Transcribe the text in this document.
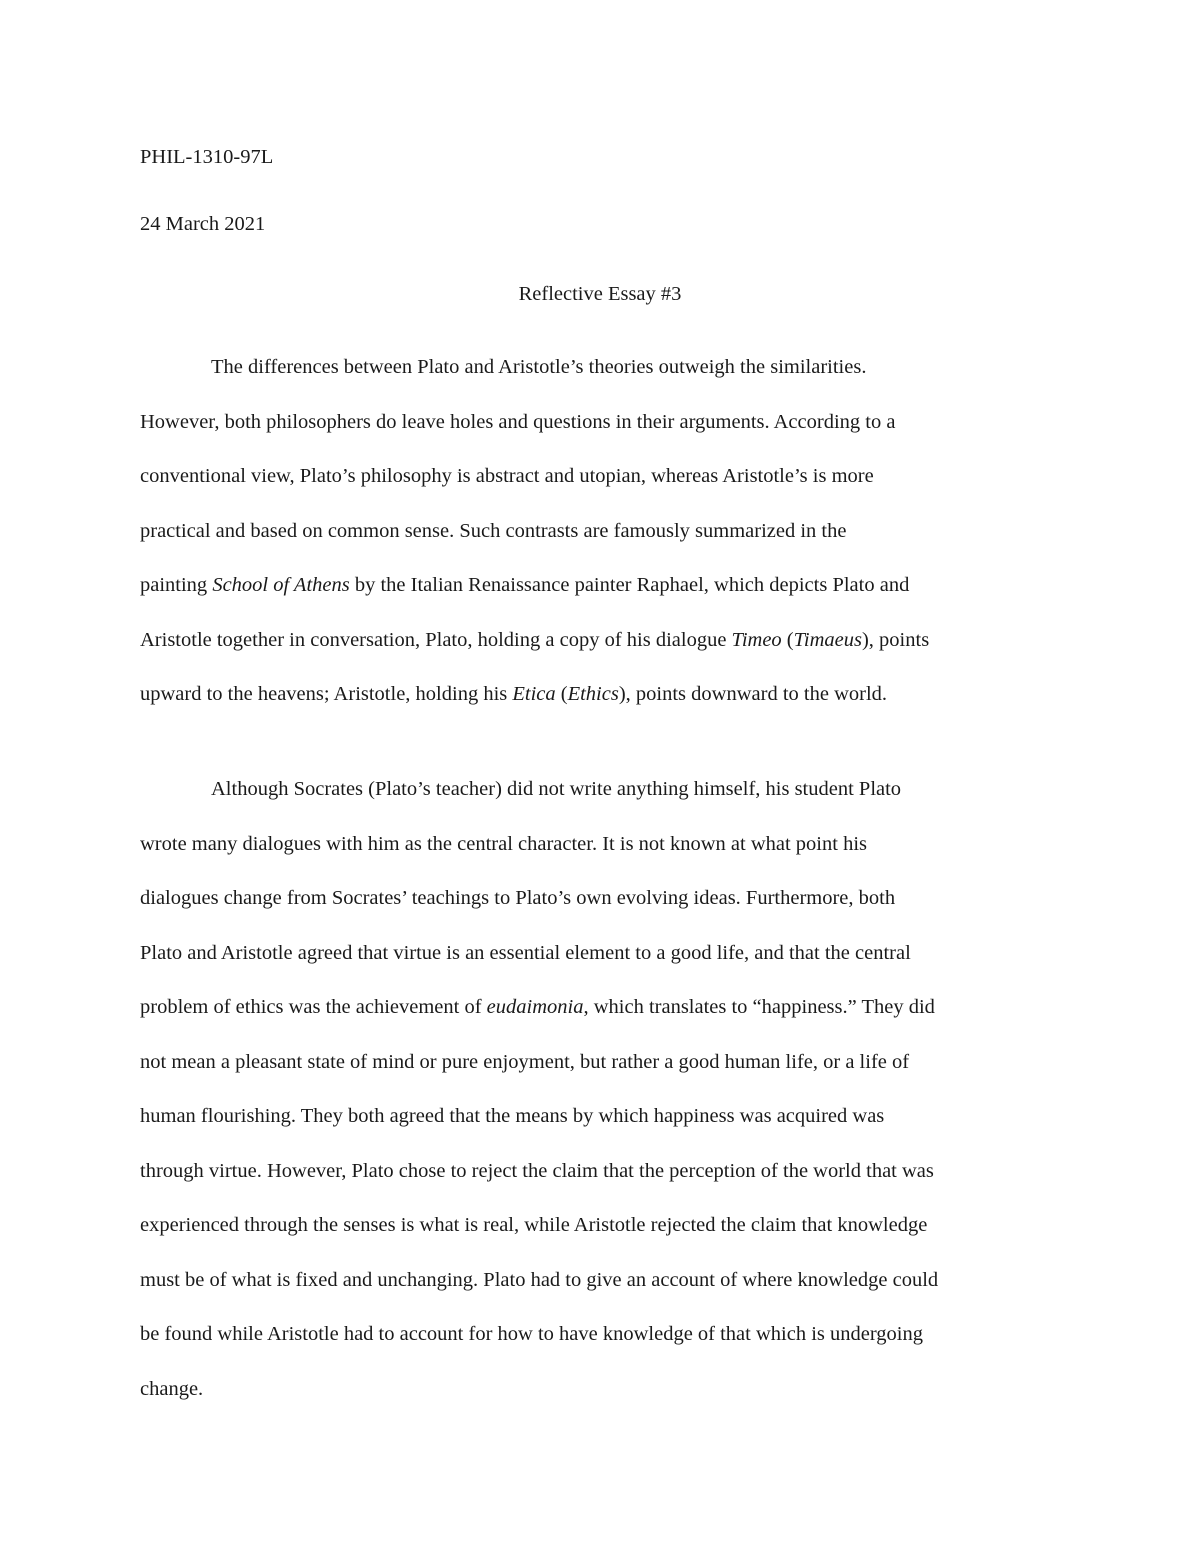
PHIL-1310-97L
24 March 2021
Reflective Essay #3
The differences between Plato and Aristotle’s theories outweigh the similarities.
However, both philosophers do leave holes and questions in their arguments. According to a
conventional view, Plato’s philosophy is abstract and utopian, whereas Aristotle’s is more
practical and based on common sense. Such contrasts are famously summarized in the
painting School of Athens by the Italian Renaissance painter Raphael, which depicts Plato and
Aristotle together in conversation, Plato, holding a copy of his dialogue Timeo (Timaeus), points
upward to the heavens; Aristotle, holding his Etica (Ethics), points downward to the world.
Although Socrates (Plato’s teacher) did not write anything himself, his student Plato
wrote many dialogues with him as the central character. It is not known at what point his
dialogues change from Socrates’ teachings to Plato’s own evolving ideas. Furthermore, both
Plato and Aristotle agreed that virtue is an essential element to a good life, and that the central
problem of ethics was the achievement of eudaimonia, which translates to “happiness.” They did
not mean a pleasant state of mind or pure enjoyment, but rather a good human life, or a life of
human flourishing. They both agreed that the means by which happiness was acquired was
through virtue. However, Plato chose to reject the claim that the perception of the world that was
experienced through the senses is what is real, while Aristotle rejected the claim that knowledge
must be of what is fixed and unchanging. Plato had to give an account of where knowledge could
be found while Aristotle had to account for how to have knowledge of that which is undergoing
change.
